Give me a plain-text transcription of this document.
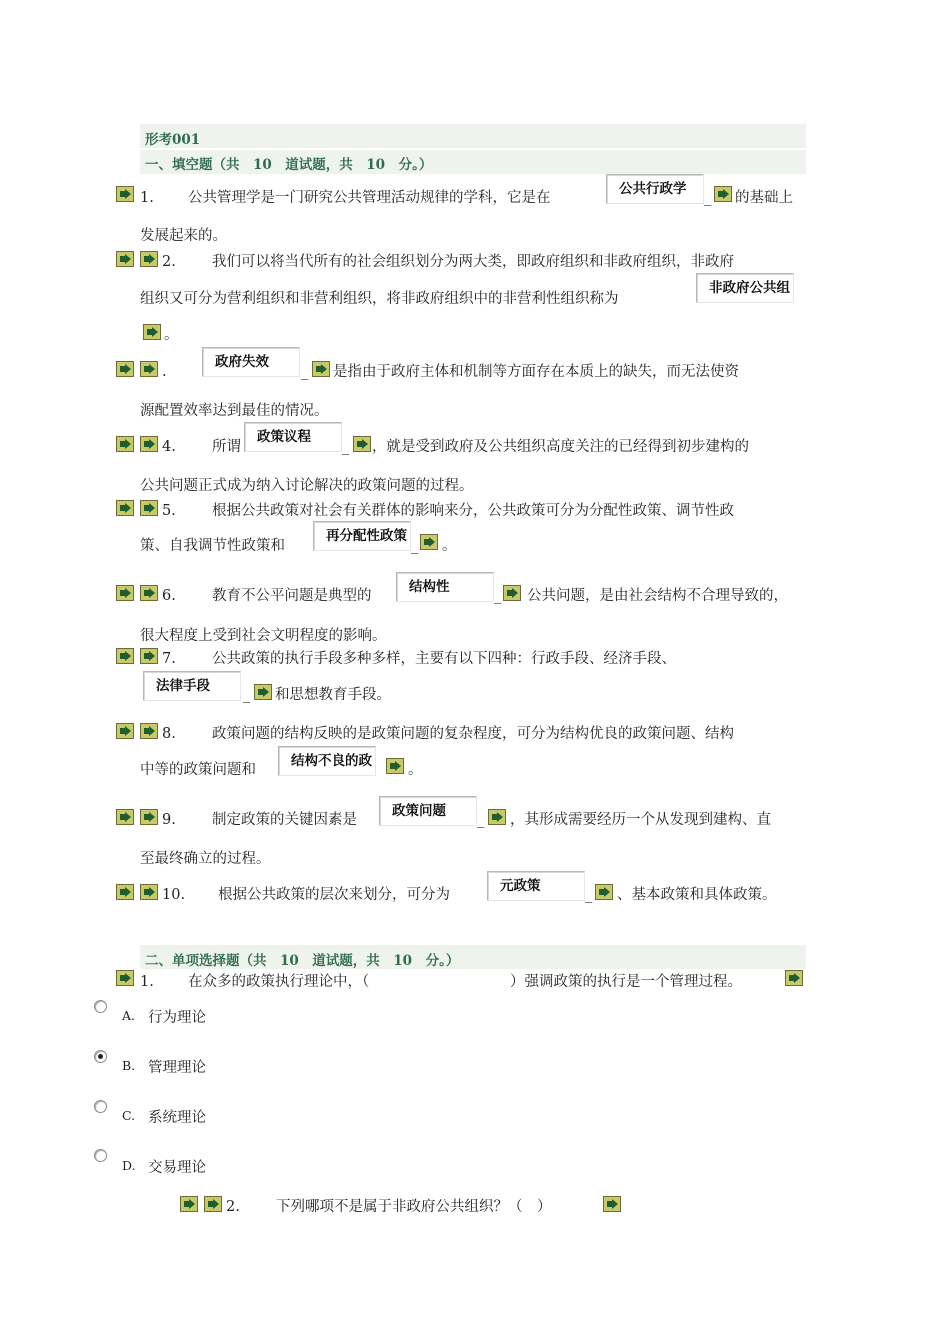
形考001
一、填空题（共　10　道试题，共　10　分。）
1. 公共管理学是一门研究公共管理活动规律的学科，它是在
公共行政学
_ 的基础上
发展起来的。
2. 我们可以将当代所有的社会组织划分为两大类，即政府组织和非政府组织，非政府
组织又可分为营利组织和非营利组织，将非政府组织中的非营利性组织称为
非政府公共组
。
.
政府失效
_ 是指由于政府主体和机制等方面存在本质上的缺失，而无法使资
源配置效率达到最佳的情况。
4. 所谓
政策议程
_ ，就是受到政府及公共组织高度关注的已经得到初步建构的
公共问题正式成为纳入讨论解决的政策问题的过程。
5. 根据公共政策对社会有关群体的影响来分，公共政策可分为分配性政策、调节性政
策、自我调节性政策和
再分配性政策
_ 。
6. 教育不公平问题是典型的
结构性
_ 公共问题，是由社会结构不合理导致的，
很大程度上受到社会文明程度的影响。
7. 公共政策的执行手段多种多样，主要有以下四种：行政手段、经济手段、
法律手段
_ 和思想教育手段。
8. 政策问题的结构反映的是政策问题的复杂程度，可分为结构优良的政策问题、结构
中等的政策问题和
结构不良的政
。
9. 制定政策的关键因素是
政策问题
_ ，其形成需要经历一个从发现到建构、直
至最终确立的过程。
10. 根据公共政策的层次来划分，可分为
元政策
_ 、基本政策和具体政策。
二、单项选择题（共　10　道试题，共　10　分。）
1. 在众多的政策执行理论中，（	）强调政策的执行是一个管理过程。
A. 行为理论
B. 管理理论
C. 系统理论
D. 交易理论
2. 下列哪项不是属于非政府公共组织？（　）
